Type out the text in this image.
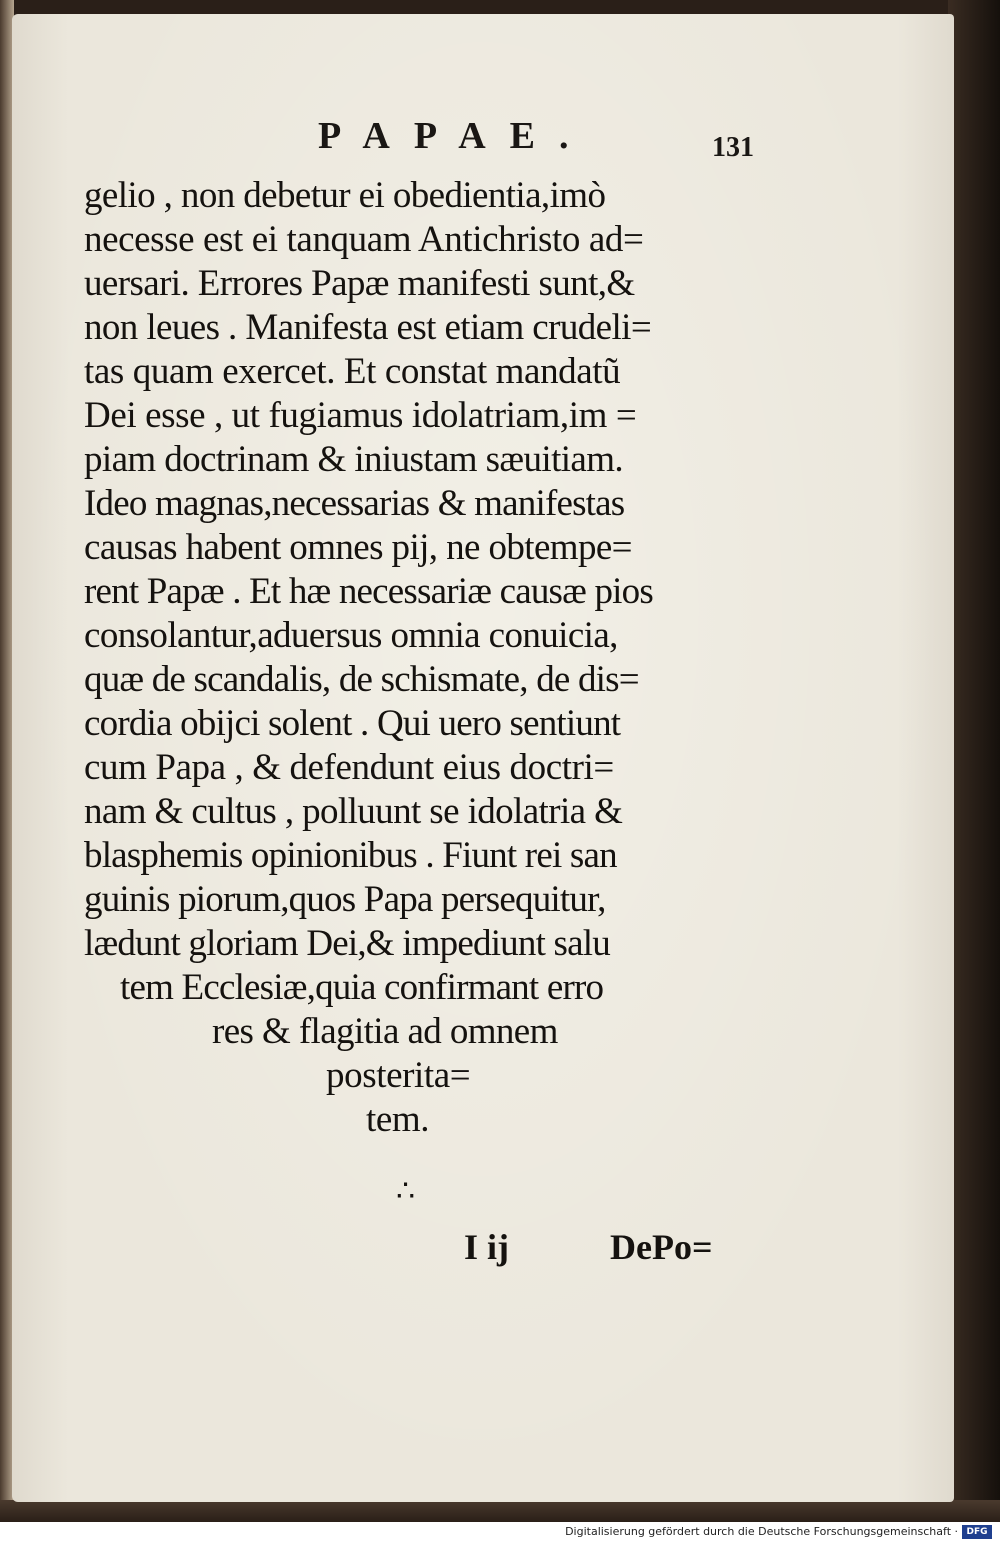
PAPAE.	131
gelio , non debetur ei obedientia,imò
necesse est ei tanquam Antichristo ad=
uersari. Errores Papæ manifesti sunt,&
non leues . Manifesta est etiam crudeli=
tas quam exercet. Et constat mandatũ
Dei esse , ut fugiamus idolatriam,im =
piam doctrinam & iniustam sæuitiam.
Ideo magnas,necessarias & manifestas
causas habent omnes pij, ne obtempe=
rent Papæ . Et hæ necessariæ causæ pios
consolantur,aduersus omnia conuicia,
quæ de scandalis, de schismate, de dis=
cordia obijci solent . Qui uero sentiunt
cum Papa , & defendunt eius doctri=
nam & cultus , polluunt se idolatria &
blasphemis opinionibus . Fiunt rei san
guinis piorum,quos Papa persequitur,
lædunt gloriam Dei,& impediunt salu
tem Ecclesiæ,quia confirmant erro
res & flagitia ad omnem
posterita=
tem.
∴
I ij	DePo=
Digitalisierung gefördert durch die Deutsche Forschungsgemeinschaft · DFG
